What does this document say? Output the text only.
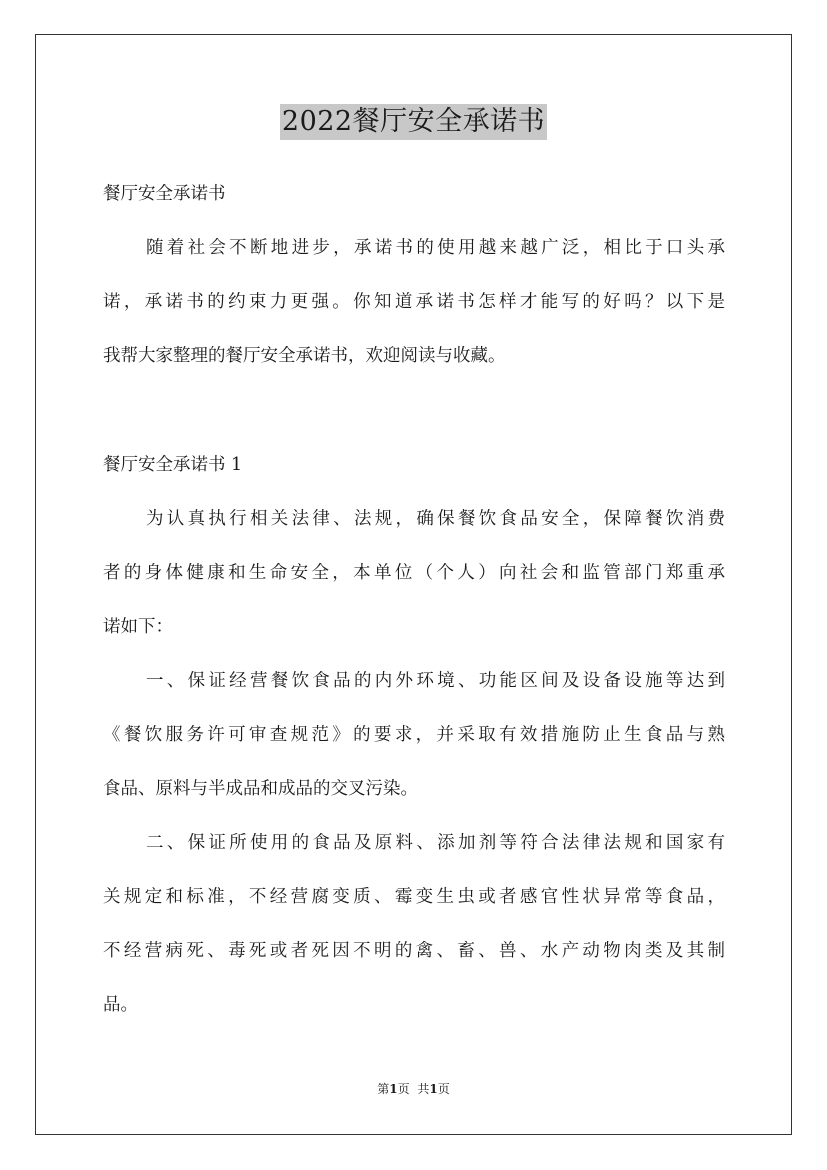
2022餐厅安全承诺书
餐厅安全承诺书
随着社会不断地进步，承诺书的使用越来越广泛，相比于口头承
诺，承诺书的约束力更强。你知道承诺书怎样才能写的好吗？以下是
我帮大家整理的餐厅安全承诺书，欢迎阅读与收藏。
餐厅安全承诺书 1
为认真执行相关法律、法规，确保餐饮食品安全，保障餐饮消费
者的身体健康和生命安全，本单位（个人）向社会和监管部门郑重承
诺如下：
一、保证经营餐饮食品的内外环境、功能区间及设备设施等达到
《餐饮服务许可审查规范》的要求，并采取有效措施防止生食品与熟
食品、原料与半成品和成品的交叉污染。
二、保证所使用的食品及原料、添加剂等符合法律法规和国家有
关规定和标准，不经营腐变质、霉变生虫或者感官性状异常等食品，
不经营病死、毒死或者死因不明的禽、畜、兽、水产动物肉类及其制
品。
第1页 共1页
